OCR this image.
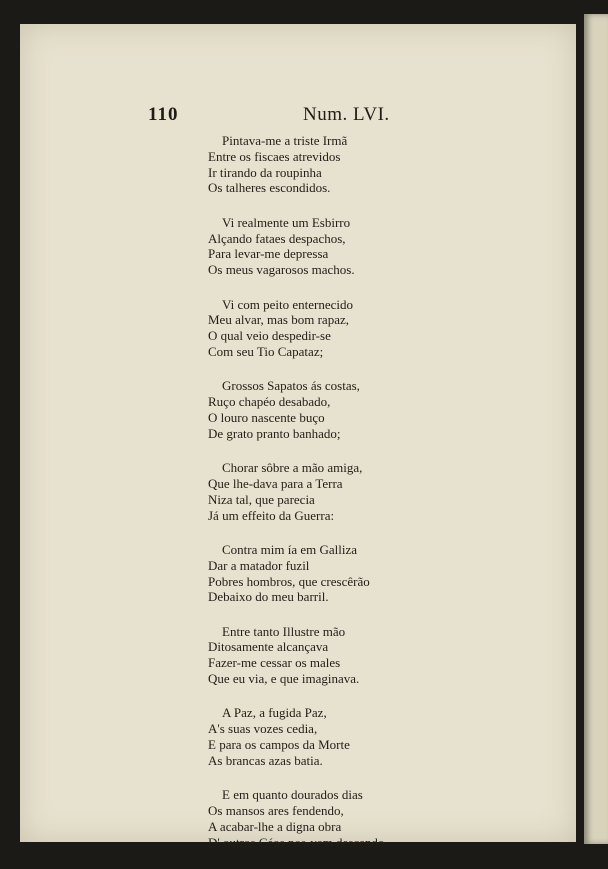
110	Num. LVI.
Pintava-me a triste Irmã
Entre os fiscaes atrevidos
Ir tirando da roupinha
Os talheres escondidos.
Vi realmente um Esbirro
Alçando fataes despachos,
Para levar-me depressa
Os meus vagarosos machos.
Vi com peito enternecido
Meu alvar, mas bom rapaz,
O qual veio despedir-se
Com seu Tio Capataz;
Grossos Sapatos ás costas,
Ruço chapéo desabado,
O louro nascente buço
De grato pranto banhado;
Chorar sôbre a mão amiga,
Que lhe-dava para a Terra
Niza tal, que parecia
Já um effeito da Guerra:
Contra mim ía em Galliza
Dar a matador fuzil
Pobres hombros, que crescêrão
Debaixo do meu barril.
Entre tanto Illustre mão
Ditosamente alcançava
Fazer-me cessar os males
Que eu via, e que imaginava.
A Paz, a fugida Paz,
A's suas vozes cedia,
E para os campos da Morte
As brancas azas batia.
E em quanto dourados dias
Os mansos ares fendendo,
A acabar-lhe a digna obra
D' outros Céos nos-vem descendo.
